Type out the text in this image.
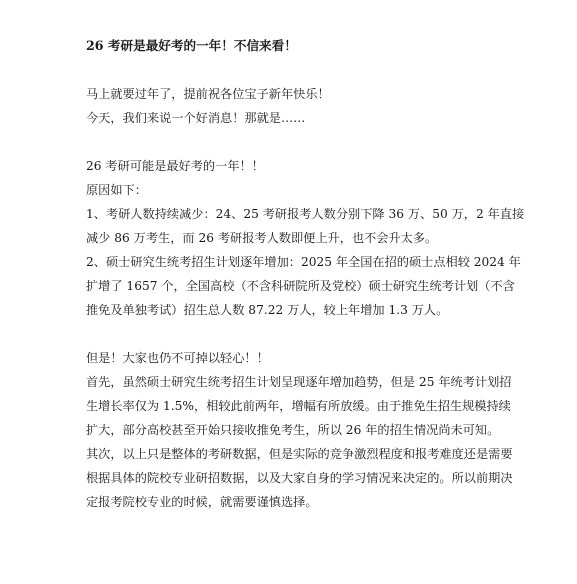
26 考研是最好考的一年！不信来看！
马上就要过年了，提前祝各位宝子新年快乐！
今天，我们来说一个好消息！那就是……
26 考研可能是最好考的一年！！
原因如下：
1、考研人数持续减少：24、25 考研报考人数分别下降 36 万、50 万，2 年直接
减少 86 万考生，而 26 考研报考人数即便上升，也不会升太多。
2、硕士研究生统考招生计划逐年增加：2025 年全国在招的硕士点相较 2024 年
扩增了 1657 个，全国高校（不含科研院所及党校）硕士研究生统考计划（不含
推免及单独考试）招生总人数 87.22 万人，较上年增加 1.3 万人。
但是！大家也仍不可掉以轻心！！
首先，虽然硕士研究生统考招生计划呈现逐年增加趋势，但是 25 年统考计划招
生增长率仅为 1.5%，相较此前两年，增幅有所放缓。由于推免生招生规模持续
扩大，部分高校甚至开始只接收推免考生，所以 26 年的招生情况尚未可知。
其次，以上只是整体的考研数据，但是实际的竞争激烈程度和报考难度还是需要
根据具体的院校专业研招数据，以及大家自身的学习情况来决定的。所以前期决
定报考院校专业的时候，就需要谨慎选择。
